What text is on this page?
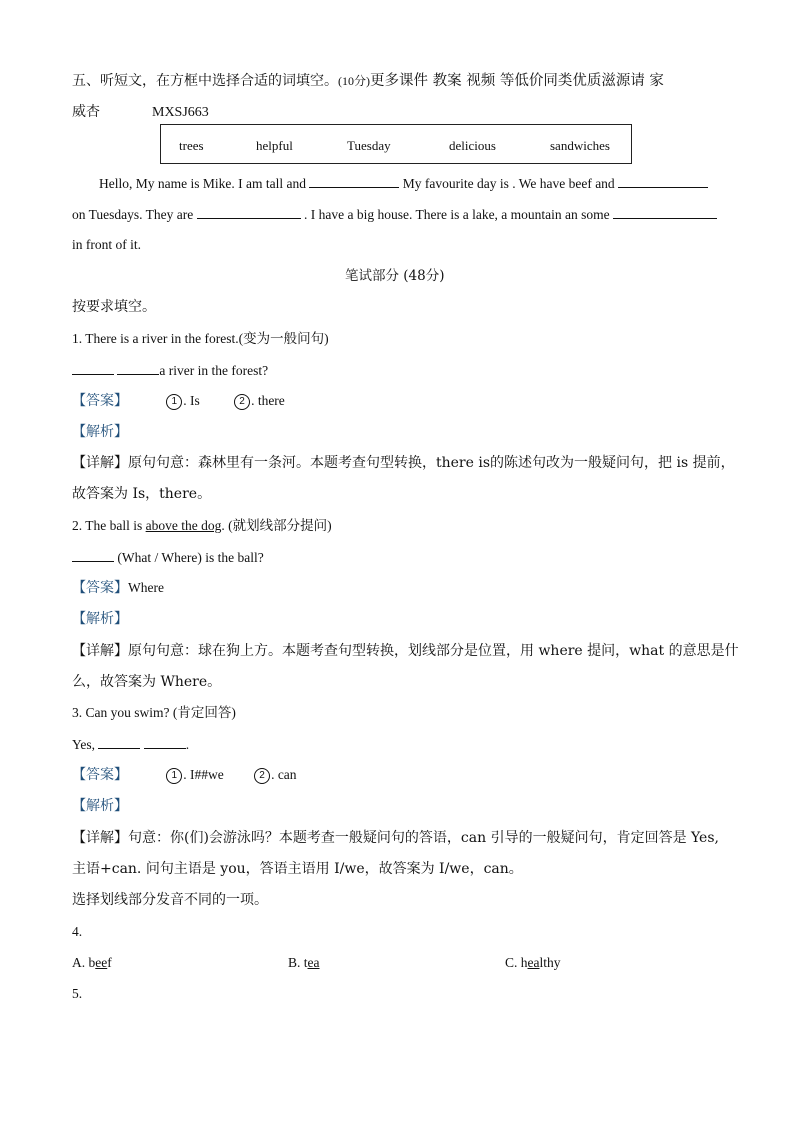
五、听短文，在方框中选择合适的词填空。(10分)更多课件 教案 视频 等低价同类优质滋源请 家
威杏	MXSJ663
trees	helpful	Tuesday	delicious	sandwiches
Hello, My name is Mike. I am tall and	My favourite day is . We have beef and
on Tuesdays. They are	. I have a big house. There is a lake, a mountain an some
in front of it.
笔试部分 (48分)
按要求填空。
1. There is a river in the forest.(变为一般问句)
a river in the forest?
【答案】	1 . Is	2 . there
【解析】
【详解】原句句意：森林里有一条河。本题考查句型转换，there is的陈述句改为一般疑问句，把 is 提前，
故答案为 Is，there。
2. The ball is above the dog. (就划线部分提问)
(What / Where) is the ball?
【答案】Where
【解析】
【详解】原句句意：球在狗上方。本题考查句型转换，划线部分是位置，用 where 提问，what 的意思是什
么，故答案为 Where。
3. Can you swim? (肯定回答)
Yes,	.
【答案】	1 . I##we	2 . can
【解析】
【详解】句意：你(们)会游泳吗？本题考查一般疑问句的答语，can 引导的一般疑问句，肯定回答是 Yes,
主语+can. 问句主语是 you，答语主语用 I/we，故答案为 I/we，can。
选择划线部分发音不同的一项。
4.
A. beef	B. tea	C. healthy
5.
